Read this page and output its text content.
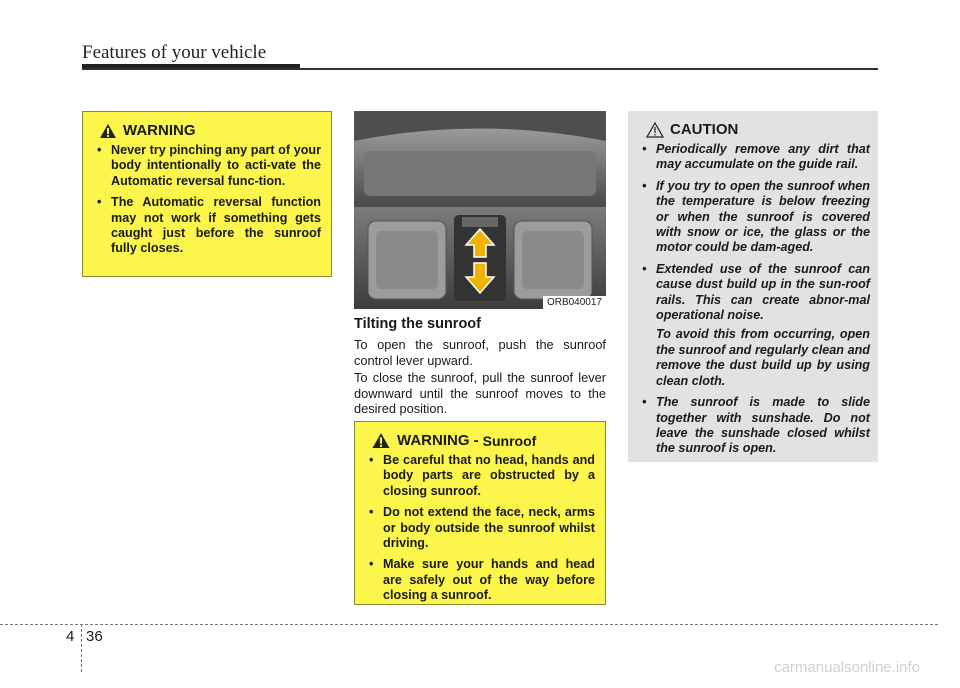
Features of your vehicle
WARNING
• Never try pinching any part of your body intentionally to acti-vate the Automatic reversal func-tion.
• The Automatic reversal function may not work if something gets caught just before the sunroof fully closes.
ORB040017
Tilting the sunroof

To open the sunroof, push the sunroof control lever upward.

To close the sunroof, pull the sunroof lever downward until the sunroof moves to the desired position.

WARNING - Sunroof
• Be careful that no head, hands and body parts are obstructed by a closing sunroof.
• Do not extend the face, neck, arms or body outside the sunroof whilst driving.
• Make sure your hands and head are safely out of the way before closing a sunroof.
CAUTION
• Periodically remove any dirt that may accumulate on the guide rail.
• If you try to open the sunroof when the temperature is below freezing or when the sunroof is covered with snow or ice, the glass or the motor could be dam-aged.
• Extended use of the sunroof can cause dust build up in the sun-roof rails. This can create abnor-mal operational noise.
To avoid this from occurring, open the sunroof and regularly clean and remove the dust build up by using clean cloth.
• The sunroof is made to slide together with sunshade. Do not leave the sunshade closed whilst the sunroof is open.
4 36
carmanualsonline.info
